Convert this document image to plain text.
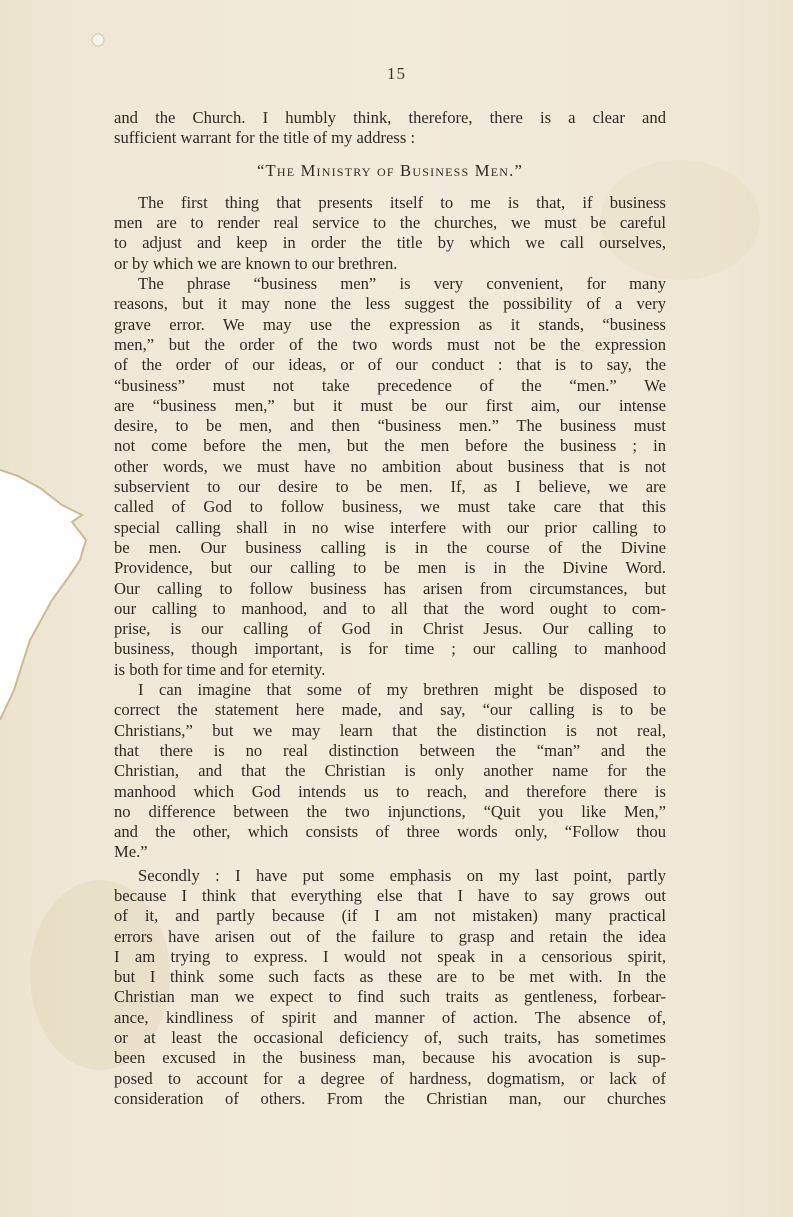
15
and the Church. I humbly think, therefore, there is a clear and
sufficient warrant for the title of my address :
“The Ministry of Business Men.”
The first thing that presents itself to me is that, if business
men are to render real service to the churches, we must be careful
to adjust and keep in order the title by which we call ourselves,
or by which we are known to our brethren.
The phrase “business men” is very convenient, for many
reasons, but it may none the less suggest the possibility of a very
grave error. We may use the expression as it stands, “business
men,” but the order of the two words must not be the expression
of the order of our ideas, or of our conduct : that is to say, the
“business” must not take precedence of the “men.” We
are “business men,” but it must be our first aim, our intense
desire, to be men, and then “business men.” The business must
not come before the men, but the men before the business ; in
other words, we must have no ambition about business that is not
subservient to our desire to be men. If, as I believe, we are
called of God to follow business, we must take care that this
special calling shall in no wise interfere with our prior calling to
be men. Our business calling is in the course of the Divine
Providence, but our calling to be men is in the Divine Word.
Our calling to follow business has arisen from circumstances, but
our calling to manhood, and to all that the word ought to com-
prise, is our calling of God in Christ Jesus. Our calling to
business, though important, is for time ; our calling to manhood
is both for time and for eternity.
I can imagine that some of my brethren might be disposed to
correct the statement here made, and say, “our calling is to be
Christians,” but we may learn that the distinction is not real,
that there is no real distinction between the “man” and the
Christian, and that the Christian is only another name for the
manhood which God intends us to reach, and therefore there is
no difference between the two injunctions, “Quit you like Men,”
and the other, which consists of three words only, “Follow thou
Me.”
Secondly : I have put some emphasis on my last point, partly
because I think that everything else that I have to say grows out
of it, and partly because (if I am not mistaken) many practical
errors have arisen out of the failure to grasp and retain the idea
I am trying to express. I would not speak in a censorious spirit,
but I think some such facts as these are to be met with. In the
Christian man we expect to find such traits as gentleness, forbear-
ance, kindliness of spirit and manner of action. The absence of,
or at least the occasional deficiency of, such traits, has sometimes
been excused in the business man, because his avocation is sup-
posed to account for a degree of hardness, dogmatism, or lack of
consideration of others. From the Christian man, our churches
